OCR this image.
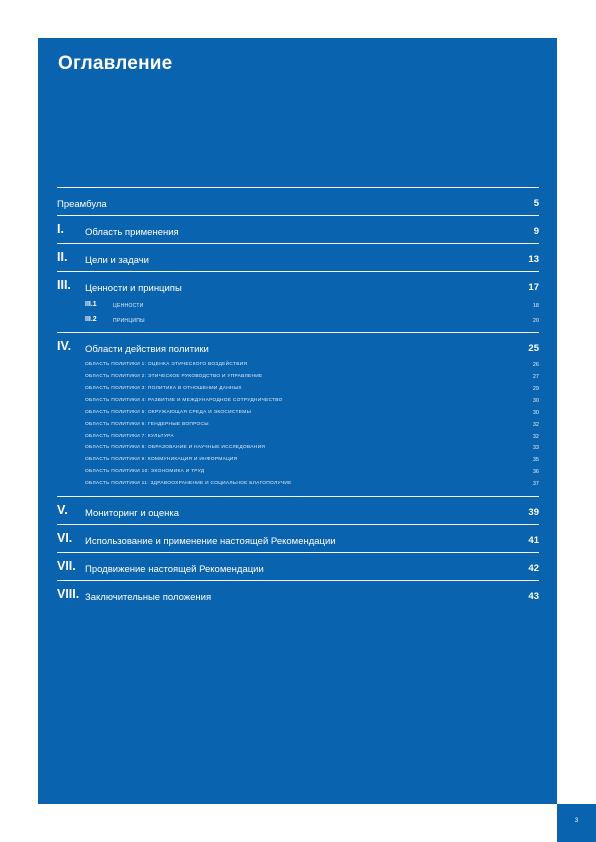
Оглавление
Преамбула	5
I. Область применения	9
II. Цели и задачи	13
III. Ценности и принципы	17
III.1	ЦЕННОСТИ	18
III.2	ПРИНЦИПЫ	20
IV. Области действия политики	25
ОБЛАСТЬ ПОЛИТИКИ 1: ОЦЕНКА ЭТИЧЕСКОГО ВОЗДЕЙСТВИЯ	26
ОБЛАСТЬ ПОЛИТИКИ 2: ЭТИЧЕСКОЕ РУКОВОДСТВО И УПРАВЛЕНИЕ	27
ОБЛАСТЬ ПОЛИТИКИ 3: ПОЛИТИКА В ОТНОШЕНИИ ДАННЫХ	29
ОБЛАСТЬ ПОЛИТИКИ 4: РАЗВИТИЕ И МЕЖДУНАРОДНОЕ СОТРУДНИЧЕСТВО	30
ОБЛАСТЬ ПОЛИТИКИ 5: ОКРУЖАЮЩАЯ СРЕДА И ЭКОСИСТЕМЫ	30
ОБЛАСТЬ ПОЛИТИКИ 6: ГЕНДЕРНЫЕ ВОПРОСЫ	32
ОБЛАСТЬ ПОЛИТИКИ 7: КУЛЬТУРА	32
ОБЛАСТЬ ПОЛИТИКИ 8: ОБРАЗОВАНИЕ И НАУЧНЫЕ ИССЛЕДОВАНИЯ	33
ОБЛАСТЬ ПОЛИТИКИ 9: КОММУНИКАЦИЯ И ИНФОРМАЦИЯ	35
ОБЛАСТЬ ПОЛИТИКИ 10: ЭКОНОМИКА И ТРУД	36
ОБЛАСТЬ ПОЛИТИКИ 11: ЗДРАВООХРАНЕНИЕ И СОЦИАЛЬНОЕ БЛАГОПОЛУЧИЕ	37
V. Мониторинг и оценка	39
VI. Использование и применение настоящей Рекомендации	41
VII. Продвижение настоящей Рекомендации	42
VIII. Заключительные положения	43
3
